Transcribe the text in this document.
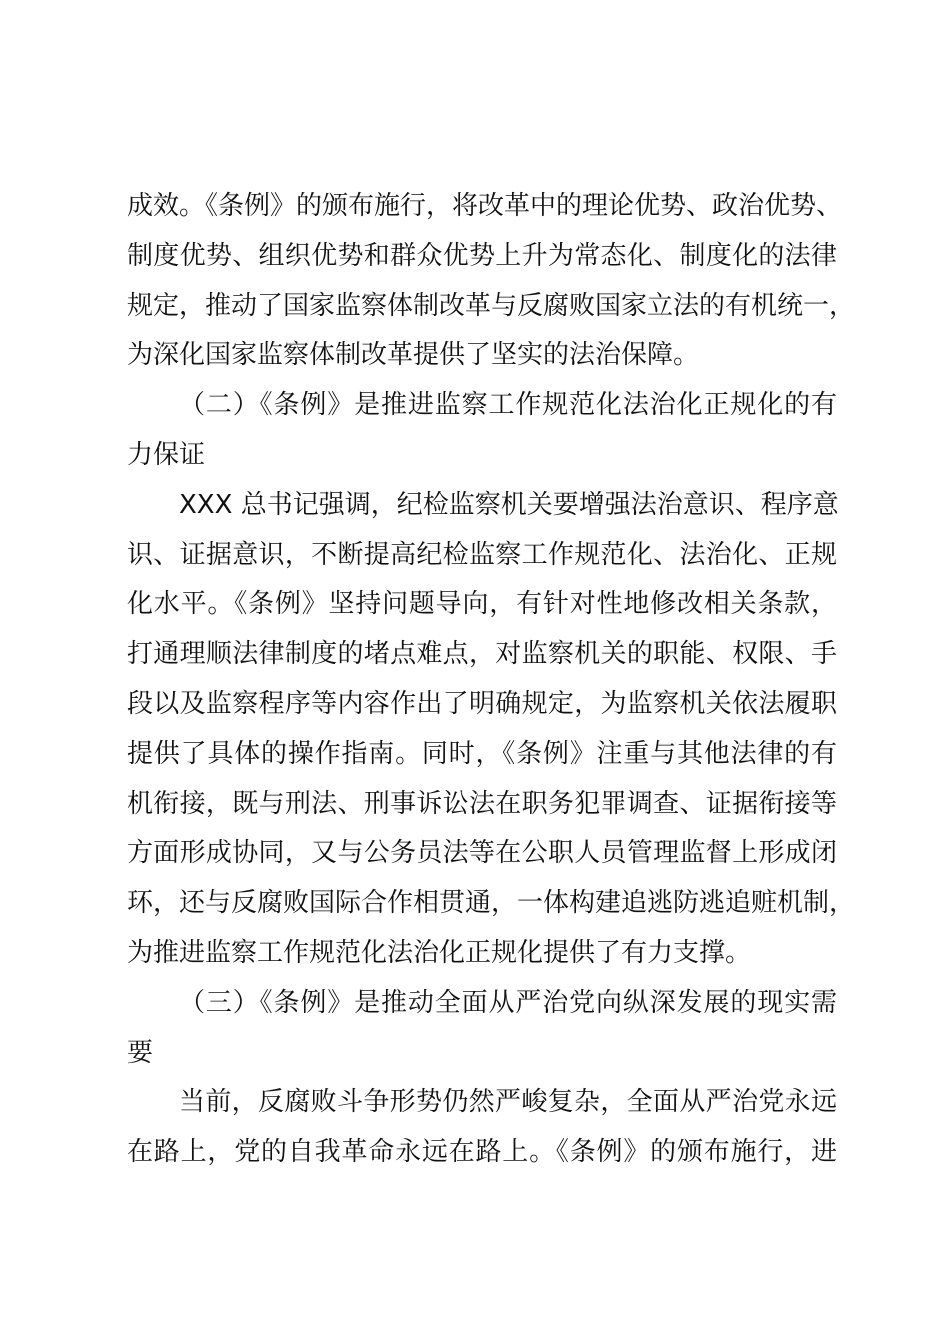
成效。《条例》的颁布施行，将改革中的理论优势、政治优势、
制度优势、组织优势和群众优势上升为常态化、制度化的法律
规定，推动了国家监察体制改革与反腐败国家立法的有机统一，
为深化国家监察体制改革提供了坚实的法治保障。
（二）《条例》是推进监察工作规范化法治化正规化的有
力保证
XXX 总书记强调，纪检监察机关要增强法治意识、程序意
识、证据意识，不断提高纪检监察工作规范化、法治化、正规
化水平。《条例》坚持问题导向，有针对性地修改相关条款，
打通理顺法律制度的堵点难点，对监察机关的职能、权限、手
段以及监察程序等内容作出了明确规定，为监察机关依法履职
提供了具体的操作指南。同时，《条例》注重与其他法律的有
机衔接，既与刑法、刑事诉讼法在职务犯罪调查、证据衔接等
方面形成协同，又与公务员法等在公职人员管理监督上形成闭
环，还与反腐败国际合作相贯通，一体构建追逃防逃追赃机制，
为推进监察工作规范化法治化正规化提供了有力支撑。
（三）《条例》是推动全面从严治党向纵深发展的现实需
要
当前，反腐败斗争形势仍然严峻复杂，全面从严治党永远
在路上，党的自我革命永远在路上。《条例》的颁布施行，进
